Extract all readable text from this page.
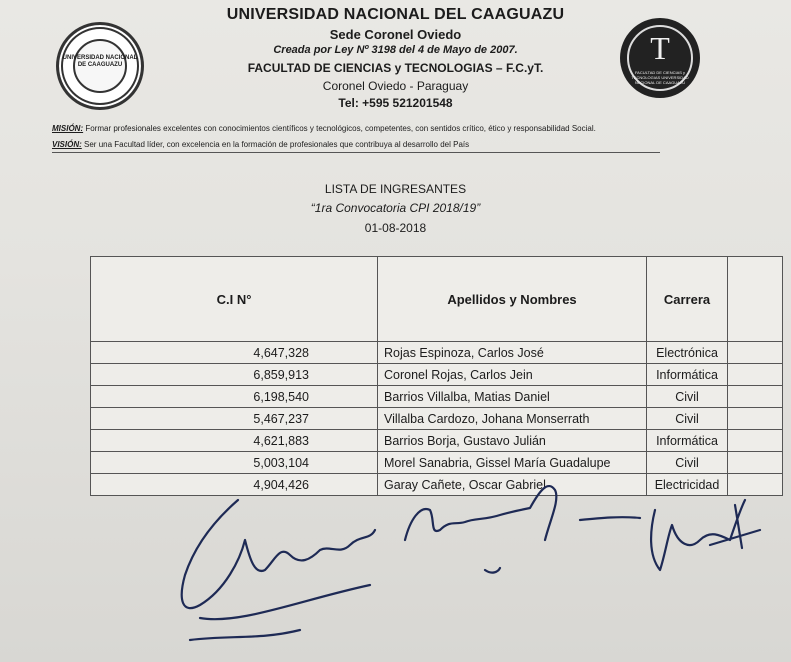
UNIVERSIDAD NACIONAL DE CAAGUAZU	T
FACULTAD DE CIENCIAS y TECNOLOGIAS UNIVERSIDAD NACIONAL DE CAAGUAZU
UNIVERSIDAD NACIONAL DEL CAAGUAZU
Sede Coronel Oviedo
Creada por Ley Nº 3198 del 4 de Mayo de 2007.
FACULTAD DE CIENCIAS y TECNOLOGIAS – F.C.yT.
Coronel Oviedo - Paraguay
Tel: +595 521201548
MISIÓN: Formar profesionales excelentes con conocimientos científicos y tecnológicos, competentes, con sentidos crítico, ético y responsabilidad Social.
VISIÓN: Ser una Facultad líder, con excelencia en la formación de profesionales que contribuya al desarrollo del País
LISTA DE INGRESANTES
“1ra Convocatoria CPI 2018/19”
01-08-2018
C.I N°	Apellidos y Nombres	Carrera	
4,647,328	Rojas Espinoza, Carlos José	Electrónica	
6,859,913	Coronel Rojas, Carlos Jein	Informática	
6,198,540	Barrios Villalba, Matias Daniel	Civil	
5,467,237	Villalba Cardozo, Johana Monserrath	Civil	
4,621,883	Barrios Borja, Gustavo Julián	Informática	
5,003,104	Morel Sanabria, Gissel María Guadalupe	Civil	
4,904,426	Garay Cañete, Oscar Gabriel	Electricidad	
